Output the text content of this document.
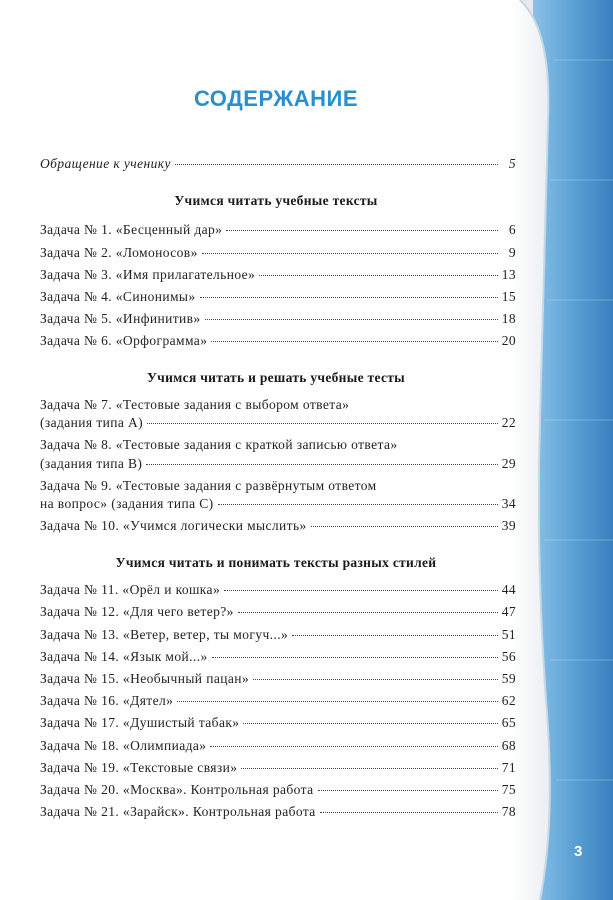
СОДЕРЖАНИЕ
Обращение к ученику	5
Учимся читать учебные тексты
Задача № 1. «Бесценный дар»	6
Задача № 2. «Ломоносов»	9
Задача № 3. «Имя прилагательное»	13
Задача № 4. «Синонимы»	15
Задача № 5. «Инфинитив»	18
Задача № 6. «Орфограмма»	20
Учимся читать и решать учебные тесты
Задача № 7. «Тестовые задания с выбором ответа»
(задания типа А)	22
Задача № 8. «Тестовые задания с краткой записью ответа»
(задания типа В)	29
Задача № 9. «Тестовые задания с развёрнутым ответом
на вопрос» (задания типа С)	34
Задача № 10. «Учимся логически мыслить»	39
Учимся читать и понимать тексты разных стилей
Задача № 11. «Орёл и кошка»	44
Задача № 12. «Для чего ветер?»	47
Задача № 13. «Ветер, ветер, ты могуч...»	51
Задача № 14. «Язык мой...»	56
Задача № 15. «Необычный пацан»	59
Задача № 16. «Дятел»	62
Задача № 17. «Душистый табак»	65
Задача № 18. «Олимпиада»	68
Задача № 19. «Текстовые связи»	71
Задача № 20. «Москва». Контрольная работа	75
Задача № 21. «Зарайск». Контрольная работа	78
3
